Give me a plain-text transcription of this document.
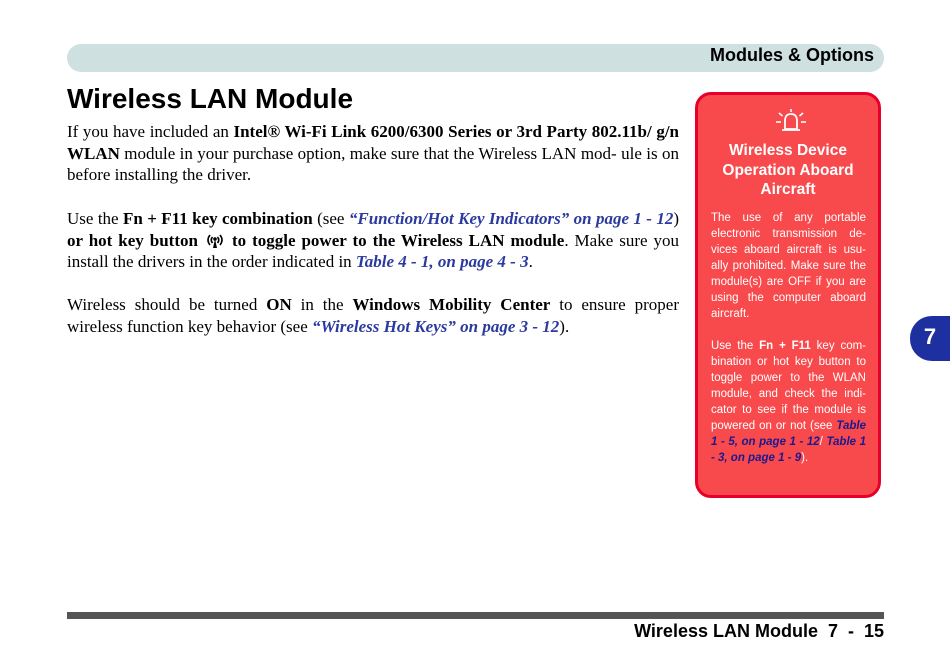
Modules & Options
Wireless LAN Module

If you have included an Intel® Wi-Fi Link 6200/6300 Series or 3rd Party 802.11b/ g/n WLAN module in your purchase option, make sure that the Wireless LAN mod- ule is on before installing the driver.

Use the Fn + F11 key combination (see “Function/Hot Key Indicators” on page 1 - 12) or hot key button to toggle power to the Wireless LAN module. Make sure you install the drivers in the order indicated in Table 4 - 1, on page 4 - 3.

Wireless should be turned ON in the Windows Mobility Center to ensure proper wireless function key behavior (see “Wireless Hot Keys” on page 3 - 12).

Wireless Device Operation Aboard Aircraft

The use of any portable electronic transmission de- vices aboard aircraft is usu- ally prohibited. Make sure the module(s) are OFF if you are using the computer aboard aircraft.

Use the Fn + F11 key com- bination or hot key button to toggle power to the WLAN module, and check the indi- cator to see if the module is powered on or not (see Table 1 - 5, on page 1 - 12/ Table 1 - 3, on page 1 - 9).

7
Wireless LAN Module  7  -  15
